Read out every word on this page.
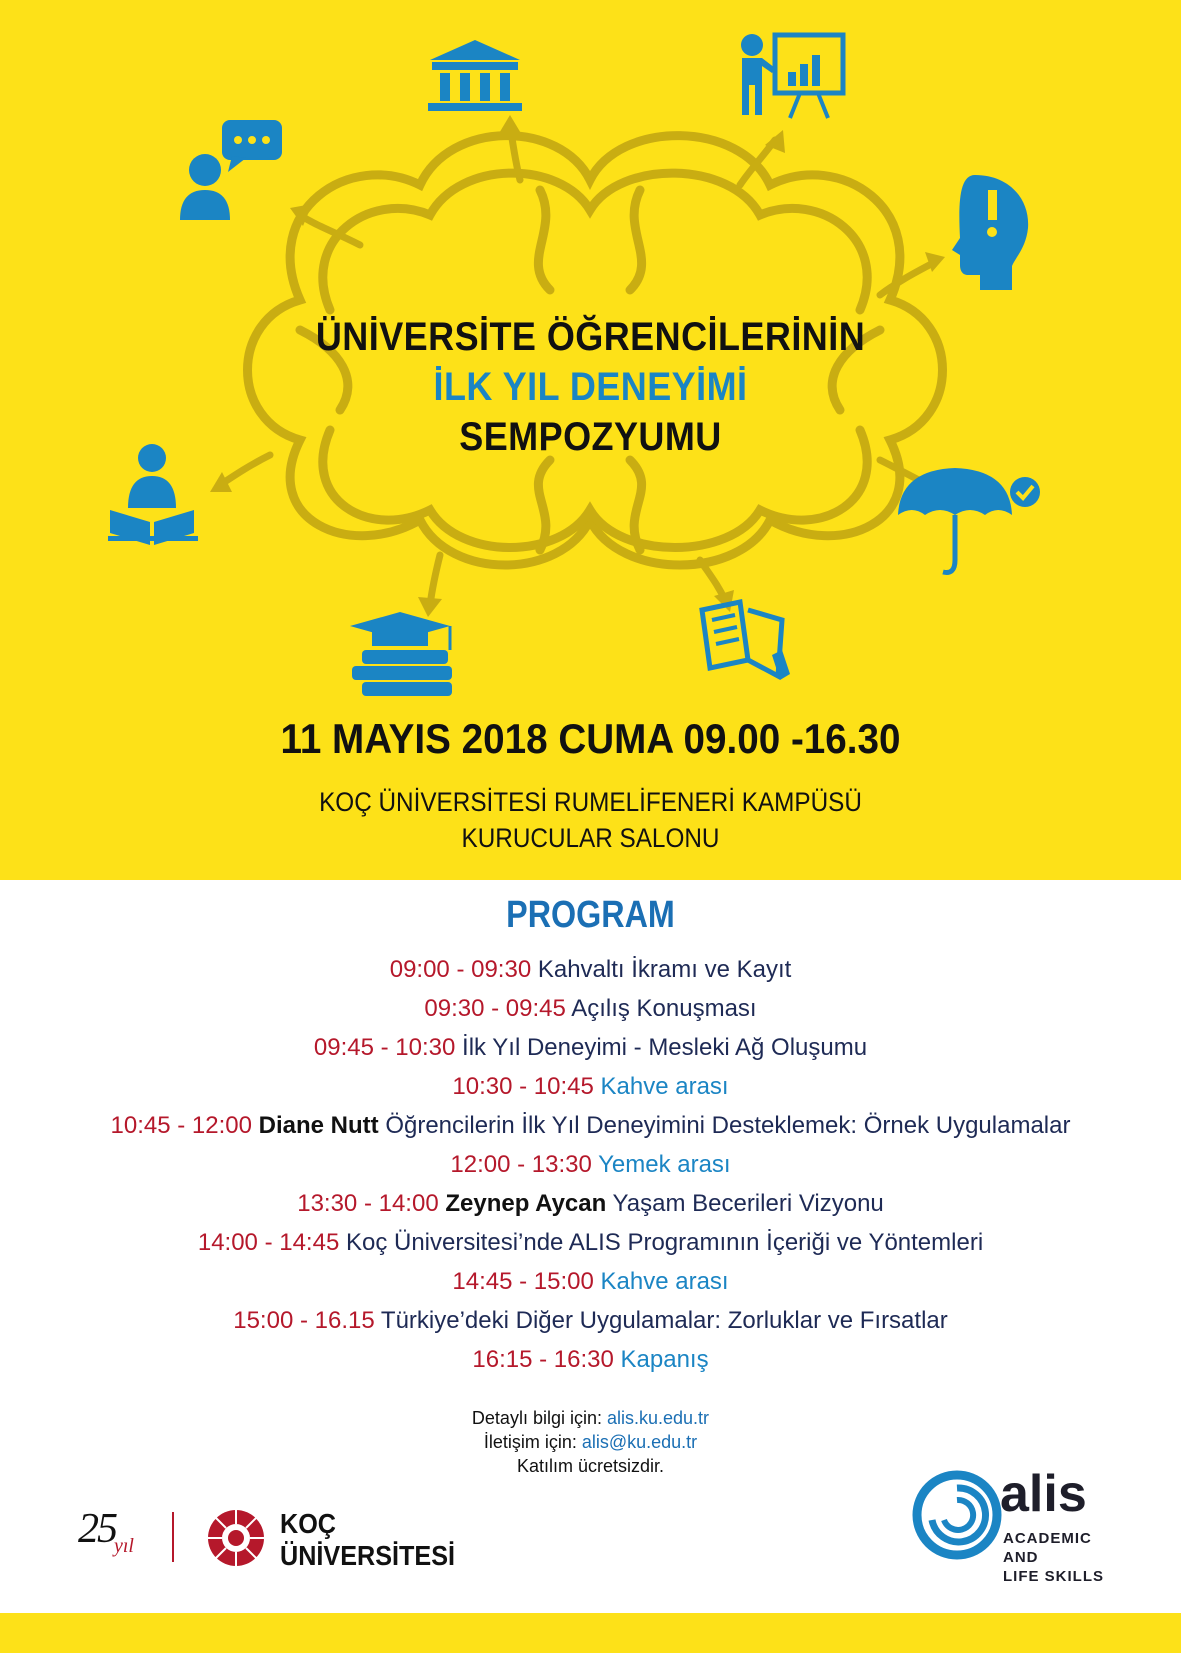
ÜNİVERSİTE ÖĞRENCİLERİNİN
İLK YIL DENEYİMİ
SEMPOZYUMU
11 MAYIS 2018 CUMA 09.00 -16.30
KOÇ ÜNİVERSİTESİ RUMELİFENERİ KAMPÜSÜ
KURUCULAR SALONU
PROGRAM
09:00 - 09:30 Kahvaltı İkramı ve Kayıt
09:30 - 09:45 Açılış Konuşması
09:45 - 10:30 İlk Yıl Deneyimi - Mesleki Ağ Oluşumu
10:30 - 10:45 Kahve arası
10:45 - 12:00 Diane Nutt Öğrencilerin İlk Yıl Deneyimini Desteklemek: Örnek Uygulamalar
12:00 - 13:30 Yemek arası
13:30 - 14:00 Zeynep Aycan Yaşam Becerileri Vizyonu
14:00 - 14:45 Koç Üniversitesi’nde ALIS Programının İçeriği ve Yöntemleri
14:45 - 15:00 Kahve arası
15:00 - 16.15 Türkiye’deki Diğer Uygulamalar: Zorluklar ve Fırsatlar
16:15 - 16:30 Kapanış
Detaylı bilgi için: alis.ku.edu.tr
İletişim için: alis@ku.edu.tr
Katılım ücretsizdir.
25
yıl
KOÇ
ÜNİVERSİTESİ
alis
ACADEMIC
AND
LIFE SKILLS
